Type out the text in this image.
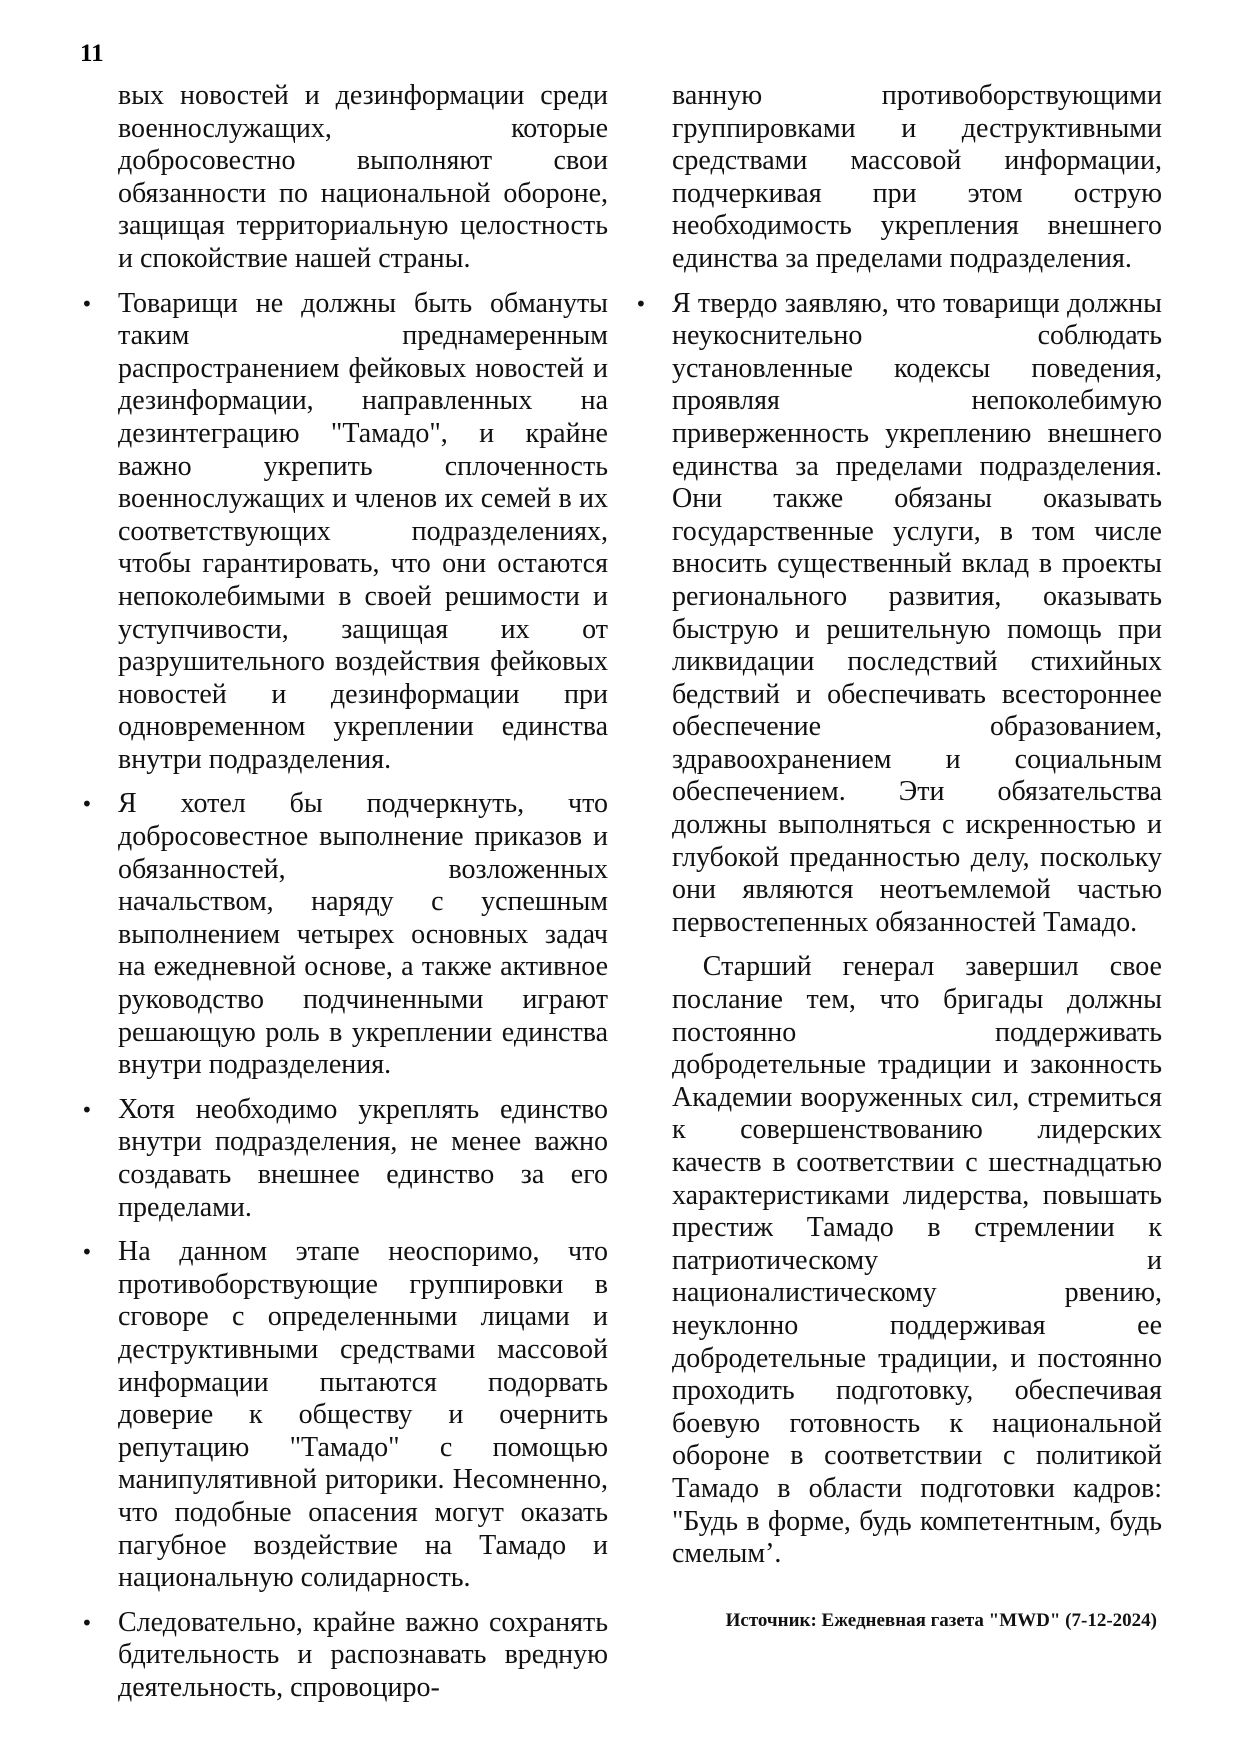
11

вых новостей и дезинформации среди военнослужащих, которые добросовестно выполняют свои обязанности по национальной обороне, защищая территориальную целостность и спокойствие нашей страны.

• Товарищи не должны быть обмануты таким преднамеренным распространением фейковых новостей и дезинформации, направленных на дезинтеграцию "Тамадо", и крайне важно укрепить сплоченность военнослужащих и членов их семей в их соответствующих подразделениях, чтобы гарантировать, что они остаются непоколебимыми в своей решимости и уступчивости, защищая их от разрушительного воздействия фейковых новостей и дезинформации при одновременном укреплении единства внутри подразделения.
• Я хотел бы подчеркнуть, что добросовестное выполнение приказов и обязанностей, возложенных начальством, наряду с успешным выполнением четырех основных задач на ежедневной основе, а также активное руководство подчиненными играют решающую роль в укреплении единства внутри подразделения.
• Хотя необходимо укреплять единство внутри подразделения, не менее важно создавать внешнее единство за его пределами.
• На данном этапе неоспоримо, что противоборствующие группировки в сговоре с определенными лицами и деструктивными средствами массовой информации пытаются подорвать доверие к обществу и очернить репутацию "Тамадо" с помощью манипулятивной риторики. Несомненно, что подобные опасения могут оказать пагубное воздействие на Тамадо и национальную солидарность.
• Следовательно, крайне важно сохранять бдительность и распознавать вредную деятельность, спровоциро-

ванную противоборствующими группировками и деструктивными средствами массовой информации, подчеркивая при этом острую необходимость укрепления внешнего единства за пределами подразделения.

• Я твердо заявляю, что товарищи должны неукоснительно соблюдать установленные кодексы поведения, проявляя непоколебимую приверженность укреплению внешнего единства за пределами подразделения. Они также обязаны оказывать государственные услуги, в том числе вносить существенный вклад в проекты регионального развития, оказывать быструю и решительную помощь при ликвидации последствий стихийных бедствий и обеспечивать всестороннее обеспечение образованием, здравоохранением и социальным обеспечением. Эти обязательства должны выполняться с искренностью и глубокой преданностью делу, поскольку они являются неотъемлемой частью первостепенных обязанностей Тамадо.

Старший генерал завершил свое послание тем, что бригады должны постоянно поддерживать добродетельные традиции и законность Академии вооруженных сил, стремиться к совершенствованию лидерских качеств в соответствии с шестнадцатью характеристиками лидерства, повышать престиж Тамадо в стремлении к патриотическому и националистическому рвению, неуклонно поддерживая ее добродетельные традиции, и постоянно проходить подготовку, обеспечивая боевую готовность к национальной обороне в соответствии с политикой Тамадо в области подготовки кадров: "Будь в форме, будь компетентным, будь смелым’.

Источник: Ежедневная газета "MWD" (7-12-2024)
